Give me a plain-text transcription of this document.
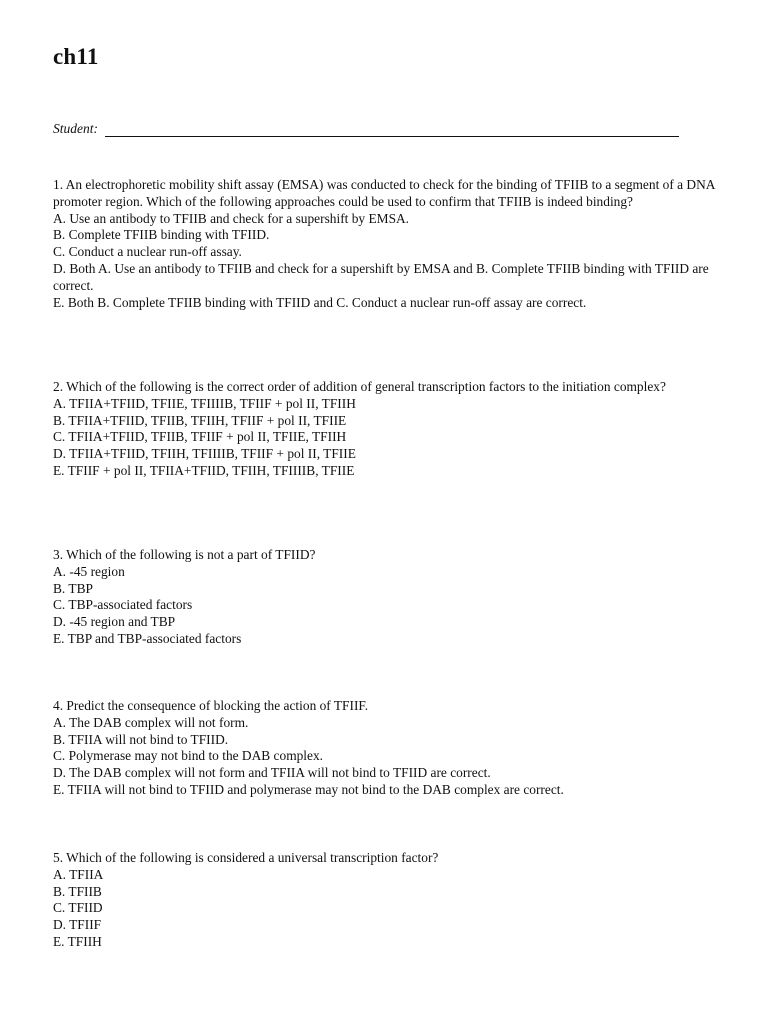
ch11
Student:

1. An electrophoretic mobility shift assay (EMSA) was conducted to check for the binding of TFIIB to a segment of a DNA promoter region. Which of the following approaches could be used to confirm that TFIIB is indeed binding?

A. Use an antibody to TFIIB and check for a supershift by EMSA.

B. Complete TFIIB binding with TFIID.

C. Conduct a nuclear run-off assay.

D. Both A. Use an antibody to TFIIB and check for a supershift by EMSA and B. Complete TFIIB binding with TFIID are correct.

E. Both B. Complete TFIIB binding with TFIID and C. Conduct a nuclear run-off assay are correct.

2. Which of the following is the correct order of addition of general transcription factors to the initiation complex?

A. TFIIA+TFIID, TFIIE, TFIIIIB, TFIIF + pol II, TFIIH

B. TFIIA+TFIID, TFIIB, TFIIH, TFIIF + pol II, TFIIE

C. TFIIA+TFIID, TFIIB, TFIIF + pol II, TFIIE, TFIIH

D. TFIIA+TFIID, TFIIH, TFIIIIB, TFIIF + pol II, TFIIE

E. TFIIF + pol II, TFIIA+TFIID, TFIIH, TFIIIIB, TFIIE

3. Which of the following is not a part of TFIID?

A. -45 region

B. TBP

C. TBP-associated factors

D. -45 region and TBP

E. TBP and TBP-associated factors

4. Predict the consequence of blocking the action of TFIIF.

A. The DAB complex will not form.

B. TFIIA will not bind to TFIID.

C. Polymerase may not bind to the DAB complex.

D. The DAB complex will not form and TFIIA will not bind to TFIID are correct.

E. TFIIA will not bind to TFIID and polymerase may not bind to the DAB complex are correct.

5. Which of the following is considered a universal transcription factor?

A. TFIIA

B. TFIIB

C. TFIID

D. TFIIF

E. TFIIH
